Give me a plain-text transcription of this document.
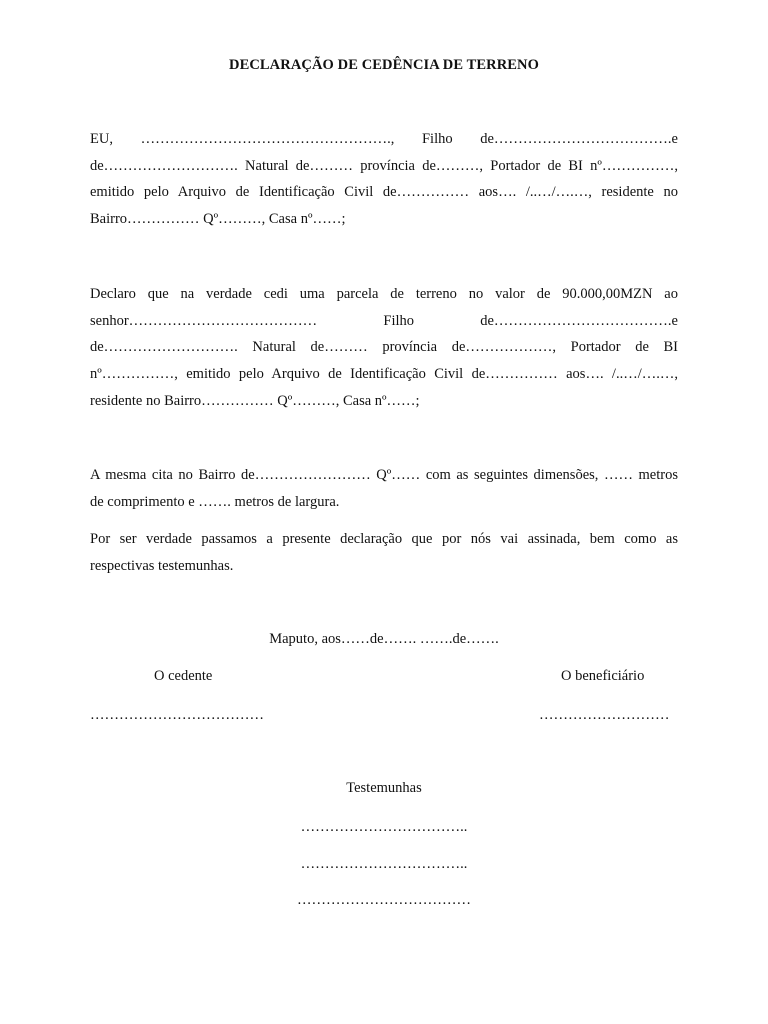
DECLARAÇÃO DE CEDÊNCIA DE TERRENO
EU, ……………………………………………., Filho de……………………………….e
de………………………. Natural de……… província de………, Portador de BI nº……………,
emitido pelo Arquivo de Identificação Civil de…………… aos…. /..…/….…, residente no
Bairro…………… Qº………, Casa nº……;
Declaro que na verdade cedi uma parcela de terreno no valor de 90.000,00MZN ao
senhor………………………………… Filho de……………………………….e
de………………………. Natural de……… província de………………, Portador de BI
nº……………, emitido pelo Arquivo de Identificação Civil de…………… aos…. /..…/….…,
residente no Bairro…………… Qº………, Casa nº……;
A mesma cita no Bairro de…………………… Qº…… com as seguintes dimensões, …… metros
de comprimento e ……. metros de largura.
Por ser verdade passamos a presente declaração que por nós vai assinada, bem como as
respectivas testemunhas.
Maputo, aos……de……. …….de…….
O cedente	O beneficiário
………………………………	………………………
Testemunhas
……………………………..
……………………………..
………………………………
